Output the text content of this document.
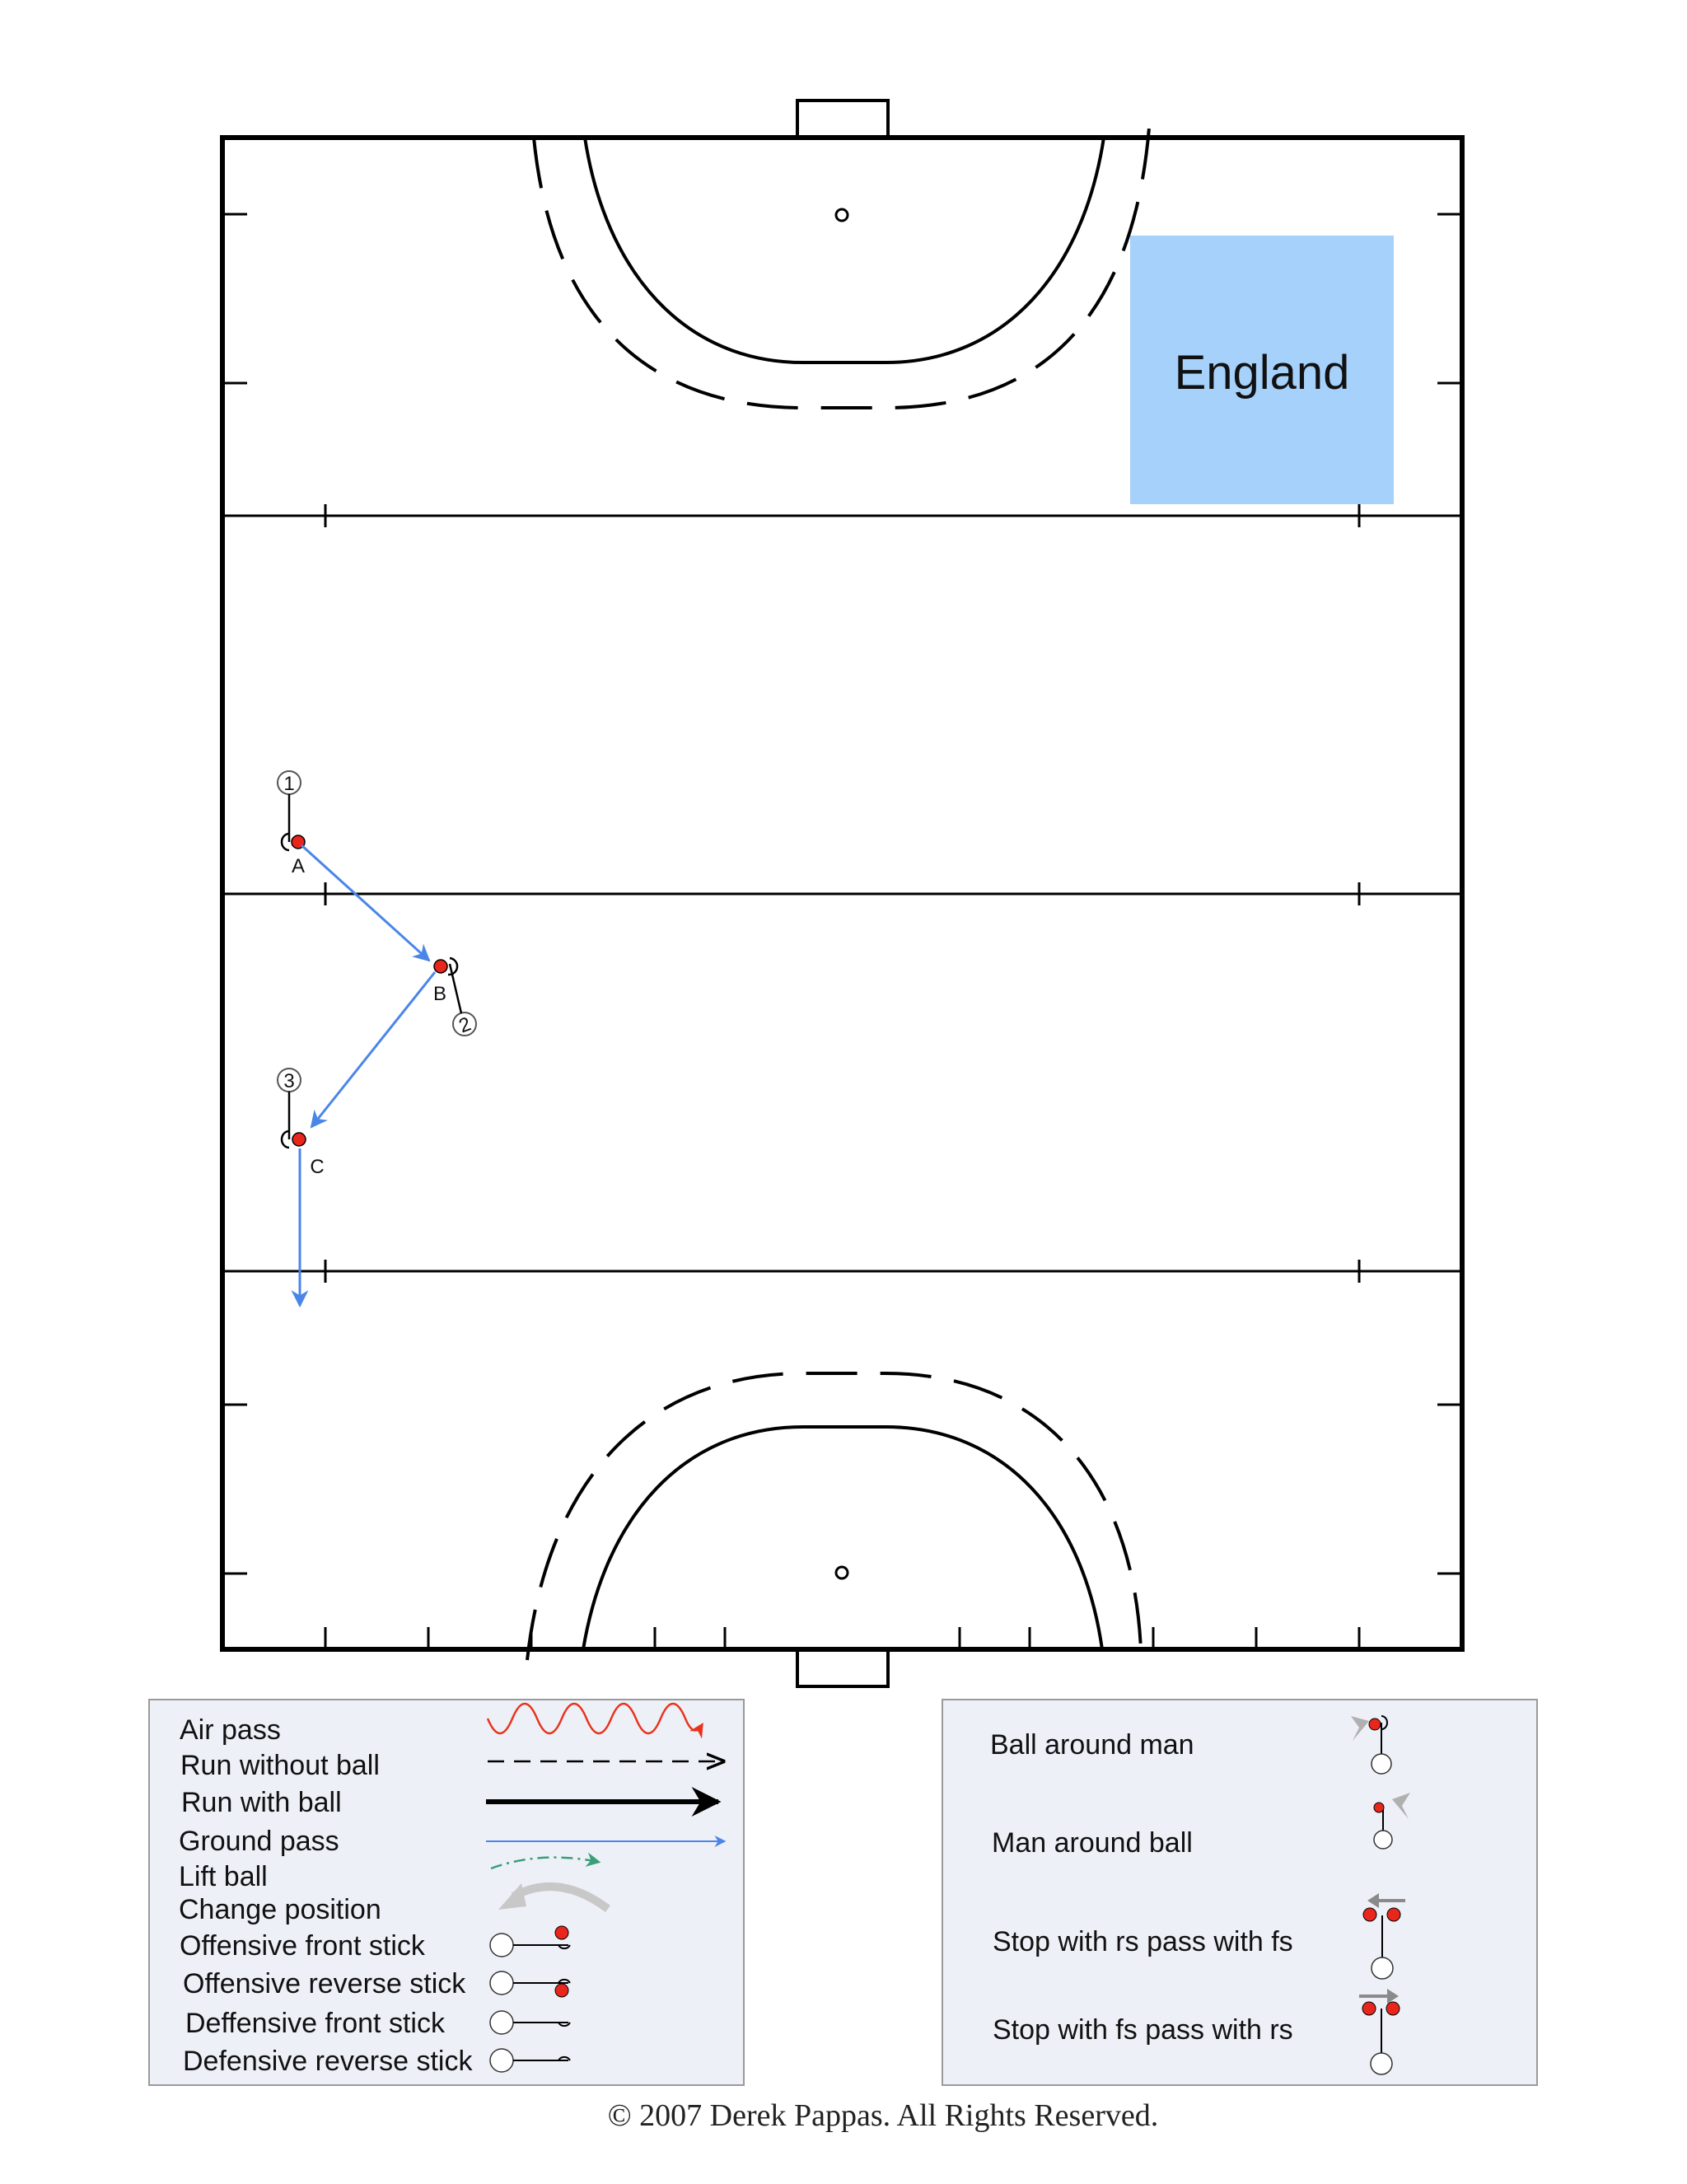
England
1
A
2
B
3
C
Air pass
Run without ball
Run with ball
Ground pass
Lift ball
Change position
Offensive front stick
Offensive reverse stick
Deffensive front stick
Defensive reverse stick
Ball around man
Man around ball
Stop with rs pass with fs
Stop with fs pass with rs
© 2007 Derek Pappas. All Rights Reserved.
